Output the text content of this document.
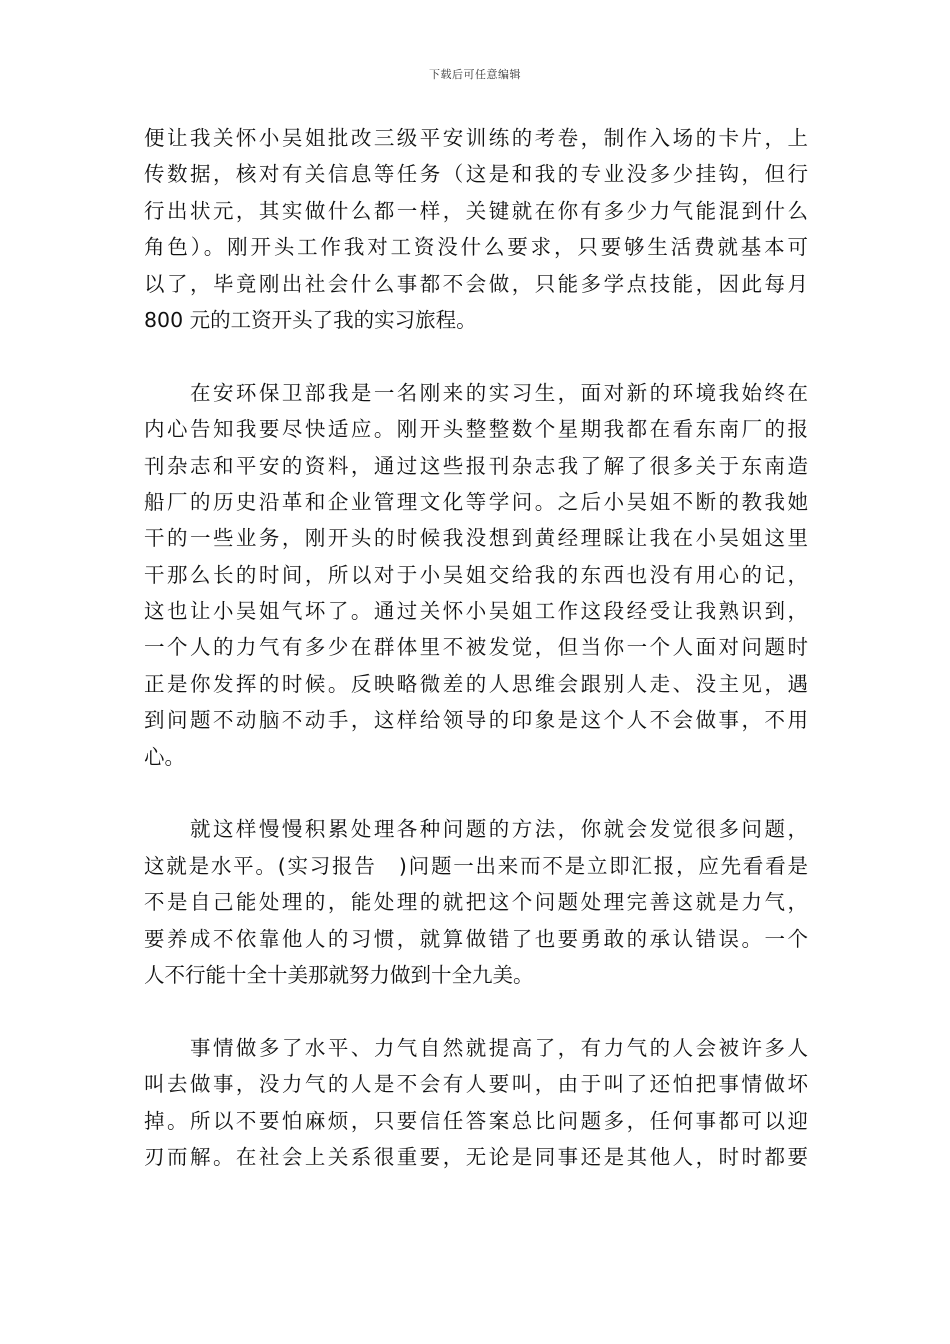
下载后可任意编辑
便让我关怀小吴姐批改三级平安训练的考卷，制作入场的卡片，上
传数据，核对有关信息等任务（这是和我的专业没多少挂钩，但行
行出状元，其实做什么都一样，关键就在你有多少力气能混到什么
角色）。刚开头工作我对工资没什么要求，只要够生活费就基本可
以了，毕竟刚出社会什么事都不会做，只能多学点技能，因此每月
800 元的工资开头了我的实习旅程。
　　在安环保卫部我是一名刚来的实习生，面对新的环境我始终在
内心告知我要尽快适应。刚开头整整数个星期我都在看东南厂的报
刊杂志和平安的资料，通过这些报刊杂志我了解了很多关于东南造
船厂的历史沿革和企业管理文化等学问。之后小吴姐不断的教我她
干的一些业务，刚开头的时候我没想到黄经理睬让我在小吴姐这里
干那么长的时间，所以对于小吴姐交给我的东西也没有用心的记，
这也让小吴姐气坏了。通过关怀小吴姐工作这段经受让我熟识到，
一个人的力气有多少在群体里不被发觉，但当你一个人面对问题时
正是你发挥的时候。反映略微差的人思维会跟别人走、没主见，遇
到问题不动脑不动手，这样给领导的印象是这个人不会做事，不用
心。
　　就这样慢慢积累处理各种问题的方法，你就会发觉很多问题，
这就是水平。(实习报告　)问题一出来而不是立即汇报，应先看看是
不是自己能处理的，能处理的就把这个问题处理完善这就是力气，
要养成不依靠他人的习惯，就算做错了也要勇敢的承认错误。一个
人不行能十全十美那就努力做到十全九美。
　　事情做多了水平、力气自然就提高了，有力气的人会被许多人
叫去做事，没力气的人是不会有人要叫，由于叫了还怕把事情做坏
掉。所以不要怕麻烦，只要信任答案总比问题多，任何事都可以迎
刃而解。在社会上关系很重要，无论是同事还是其他人，时时都要
